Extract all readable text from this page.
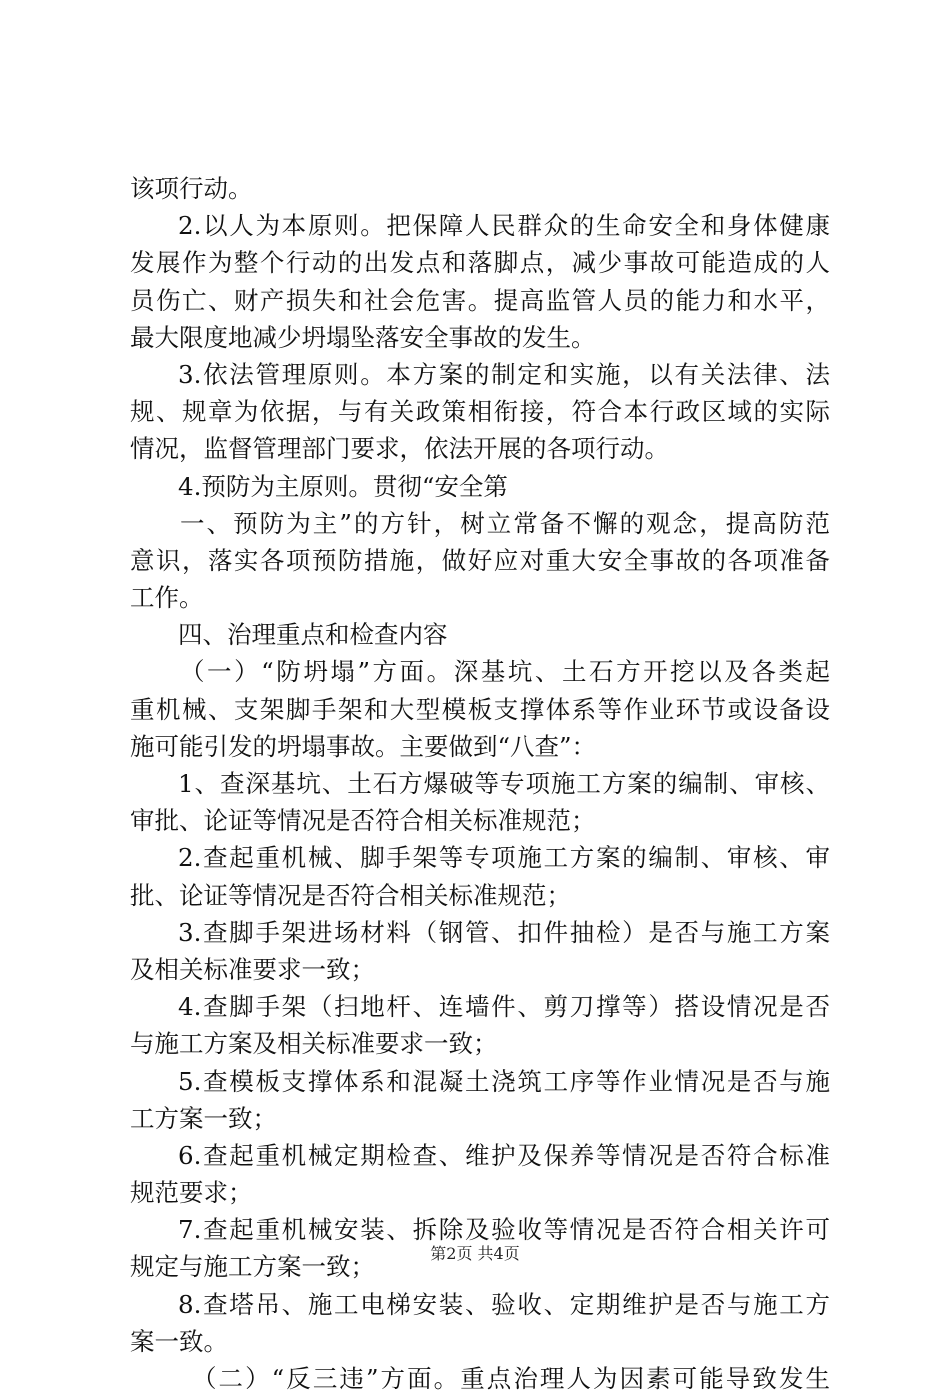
该项行动。
2.以人为本原则。把保障人民群众的生命安全和身体健康
发展作为整个行动的出发点和落脚点，减少事故可能造成的人
员伤亡、财产损失和社会危害。提高监管人员的能力和水平，
最大限度地减少坍塌坠落安全事故的发生。
3.依法管理原则。本方案的制定和实施，以有关法律、法
规、规章为依据，与有关政策相衔接，符合本行政区域的实际
情况，监督管理部门要求，依法开展的各项行动。
4.预防为主原则。贯彻“安全第
一、预防为主”的方针，树立常备不懈的观念，提高防范
意识，落实各项预防措施，做好应对重大安全事故的各项准备
工作。
四、治理重点和检查内容
（一）“防坍塌”方面。深基坑、土石方开挖以及各类起
重机械、支架脚手架和大型模板支撑体系等作业环节或设备设
施可能引发的坍塌事故。主要做到“八查”：
1、查深基坑、土石方爆破等专项施工方案的编制、审核、
审批、论证等情况是否符合相关标准规范；
2.查起重机械、脚手架等专项施工方案的编制、审核、审
批、论证等情况是否符合相关标准规范；
3.查脚手架进场材料（钢管、扣件抽检）是否与施工方案
及相关标准要求一致；
4.查脚手架（扫地杆、连墙件、剪刀撑等）搭设情况是否
与施工方案及相关标准要求一致；
5.查模板支撑体系和混凝土浇筑工序等作业情况是否与施
工方案一致；
6.查起重机械定期检查、维护及保养等情况是否符合标准
规范要求；
7.查起重机械安装、拆除及验收等情况是否符合相关许可
规定与施工方案一致；
8.查塔吊、施工电梯安装、验收、定期维护是否与施工方
案一致。
（二）“反三违”方面。重点治理人为因素可能导致发生
第2页 共4页
